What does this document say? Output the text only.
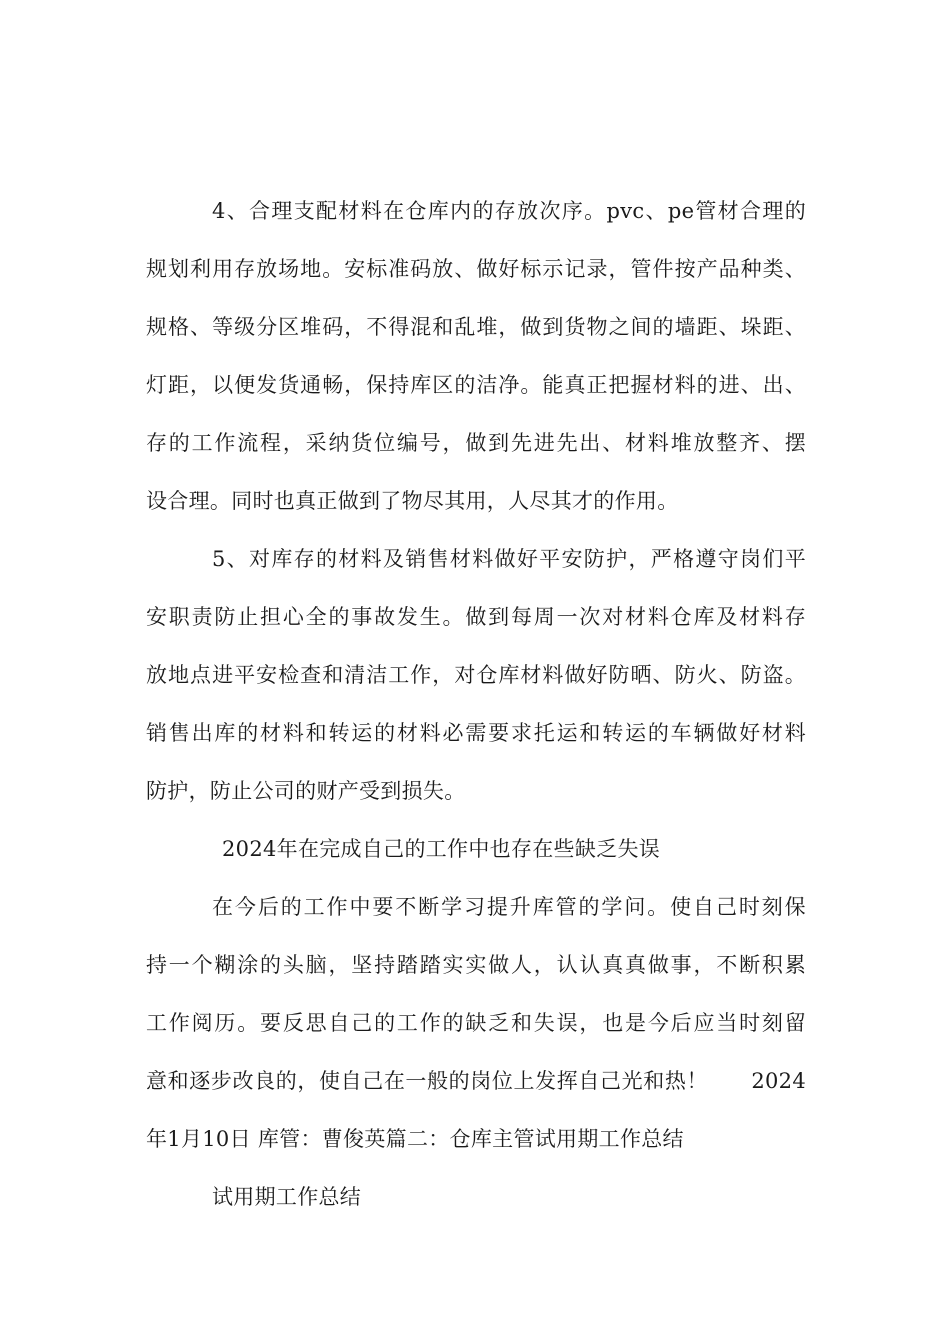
4、合理支配材料在仓库内的存放次序。pvc、pe管材合理的
规划利用存放场地。安标准码放、做好标示记录，管件按产品种类、
规格、等级分区堆码，不得混和乱堆，做到货物之间的墙距、垛距、
灯距，以便发货通畅，保持库区的洁净。能真正把握材料的进、出、
存的工作流程，采纳货位编号，做到先进先出、材料堆放整齐、摆
设合理。同时也真正做到了物尽其用，人尽其才的作用。
5、对库存的材料及销售材料做好平安防护，严格遵守岗们平
安职责防止担心全的事故发生。做到每周一次对材料仓库及材料存
放地点进平安检查和清洁工作，对仓库材料做好防晒、防火、防盗。
销售出库的材料和转运的材料必需要求托运和转运的车辆做好材料
防护，防止公司的财产受到损失。
2024年在完成自己的工作中也存在些缺乏失误
在今后的工作中要不断学习提升库管的学问。使自己时刻保
持一个糊涂的头脑，坚持踏踏实实做人，认认真真做事，不断积累
工作阅历。要反思自己的工作的缺乏和失误，也是今后应当时刻留
意和逐步改良的，使自己在一般的岗位上发挥自己光和热！　　2024
年1月10日 库管：曹俊英篇二：仓库主管试用期工作总结
试用期工作总结
